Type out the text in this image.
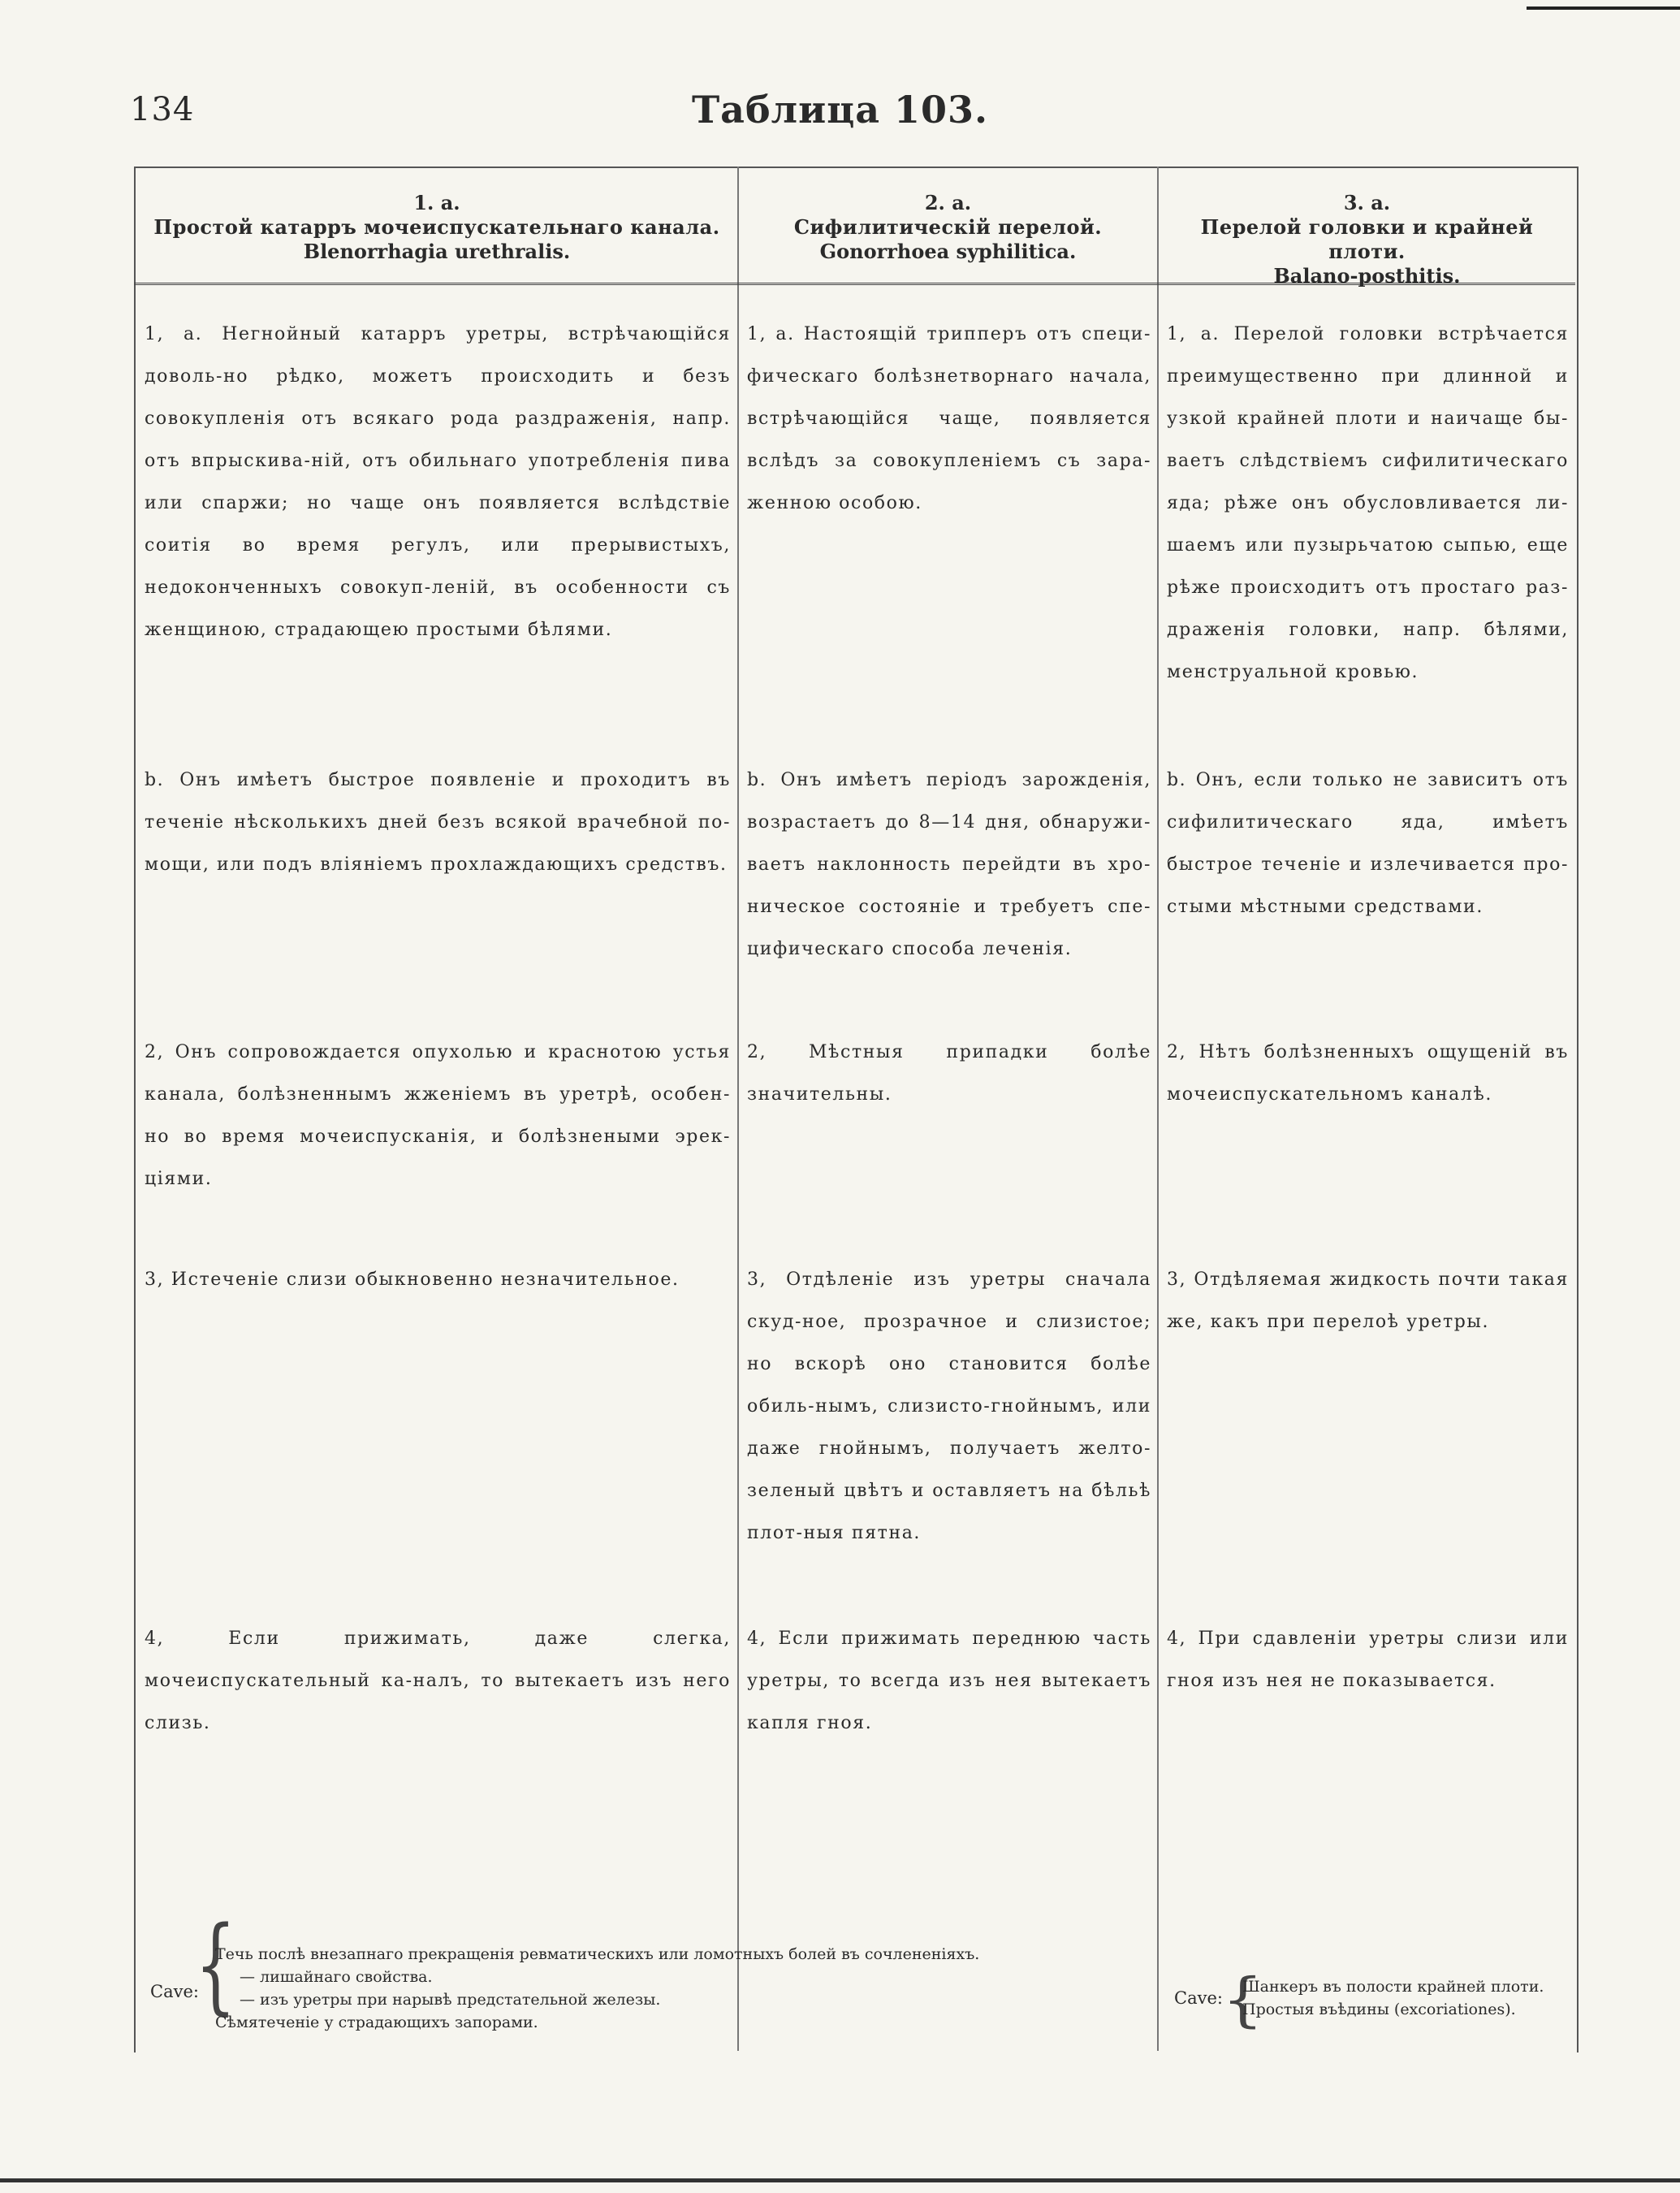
134	Таблица 103.
1. а.
Простой катарръ мочеиспускательнаго канала.
Blenorrhagia urethralis.
2. а.
Сифилитическій перелой.
Gonorrhoea syphilitica.
3. а.
Перелой головки и крайней плоти.
Balano-posthitis.
1, а. Негнойный катарръ уретры, встрѣчающійся доволь-но рѣдко, можетъ происходить и безъ совокупленія отъ всякаго рода раздраженія, напр. отъ впрыскива-ній, отъ обильнаго употребленія пива или спаржи; но чаще онъ появляется вслѣдствіе соитія во время регулъ, или прерывистыхъ, недоконченныхъ совокуп-леній, въ особенности съ женщиною, страдающею простыми бѣлями.
b. Онъ имѣетъ быстрое появленіе и проходитъ въ теченіе нѣсколькихъ дней безъ всякой врачебной по-мощи, или подъ вліяніемъ прохлаждающихъ средствъ.
2, Онъ сопровождается опухолью и краснотою устья канала, болѣзненнымъ жженіемъ въ уретрѣ, особен-но во время мочеиспусканія, и болѣзнеными эрек-ціями.
3, Истеченіе слизи обыкновенно незначительное.
4, Если прижимать, даже слегка, мочеиспускательный ка-налъ, то вытекаетъ изъ него слизь.
1, а. Настоящій трипперъ отъ специ-фическаго болѣзнетворнаго начала, встрѣчающійся чаще, появляется вслѣдъ за совокупленіемъ съ зара-женною особою.
b. Онъ имѣетъ періодъ зарожденія, возрастаетъ до 8—14 дня, обнаружи-ваетъ наклонность перейдти въ хро-ническое состояніе и требуетъ спе-цифическаго способа леченія.
2, Мѣстныя припадки болѣе значительны.
3, Отдѣленіе изъ уретры сначала скуд-ное, прозрачное и слизистое; но вскорѣ оно становится болѣе обиль-нымъ, слизисто-гнойнымъ, или даже гнойнымъ, получаетъ желто-зеленый цвѣтъ и оставляетъ на бѣльѣ плот-ныя пятна.
4, Если прижимать переднюю часть уретры, то всегда изъ нея вытекаетъ капля гноя.
1, а. Перелой головки встрѣчается преимущественно при длинной и узкой крайней плоти и наичаще бы-ваетъ слѣдствіемъ сифилитическаго яда; рѣже онъ обусловливается ли-шаемъ или пузырьчатою сыпью, еще рѣже происходитъ отъ простаго раз-драженія головки, напр. бѣлями, менструальной кровью.
b. Онъ, если только не зависитъ отъ сифилитическаго яда, имѣетъ быстрое теченіе и излечивается про-стыми мѣстными средствами.
2, Нѣтъ болѣзненныхъ ощущеній въ мочеиспускательномъ каналѣ.
3, Отдѣляемая жидкость почти такая же, какъ при перелоѣ уретры.
4, При сдавленіи уретры слизи или гноя изъ нея не показывается.
Cave:
{
Течь послѣ внезапнаго прекращенія ревматическихъ или ломотныхъ болей въ сочлененіяхъ.
— лишайнаго свойства.
— изъ уретры при нарывѣ предстательной железы.
Сѣмятеченіе у страдающихъ запорами.
Cave: {
Шанкеръ въ полости крайней плоти.
Простыя въѣдины (excoriationes).
